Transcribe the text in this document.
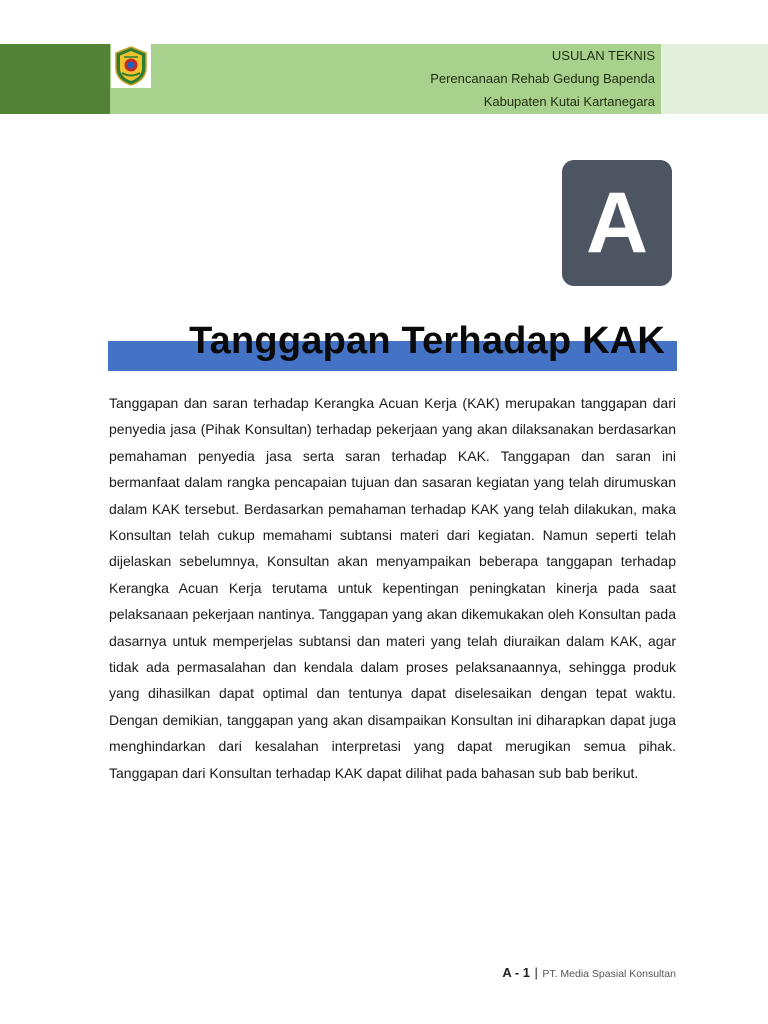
USULAN TEKNIS
Perencanaan Rehab Gedung Bapenda
Kabupaten Kutai Kartanegara
A
Tanggapan Terhadap KAK
Tanggapan dan saran terhadap Kerangka Acuan Kerja (KAK) merupakan tanggapan dari penyedia jasa (Pihak Konsultan) terhadap pekerjaan yang akan dilaksanakan berdasarkan pemahaman penyedia jasa serta saran terhadap KAK. Tanggapan dan saran ini bermanfaat dalam rangka pencapaian tujuan dan sasaran kegiatan yang telah dirumuskan dalam KAK tersebut. Berdasarkan pemahaman terhadap KAK yang telah dilakukan, maka Konsultan telah cukup memahami subtansi materi dari kegiatan. Namun seperti telah dijelaskan sebelumnya, Konsultan akan menyampaikan beberapa tanggapan terhadap Kerangka Acuan Kerja terutama untuk kepentingan peningkatan kinerja pada saat pelaksanaan pekerjaan nantinya. Tanggapan yang akan dikemukakan oleh Konsultan pada dasarnya untuk memperjelas subtansi dan materi yang telah diuraikan dalam KAK, agar tidak ada permasalahan dan kendala dalam proses pelaksanaannya, sehingga produk yang dihasilkan dapat optimal dan tentunya dapat diselesaikan dengan tepat waktu. Dengan demikian, tanggapan yang akan disampaikan Konsultan ini diharapkan dapat juga menghindarkan dari kesalahan interpretasi yang dapat merugikan semua pihak. Tanggapan dari Konsultan terhadap KAK dapat dilihat pada bahasan sub bab berikut.
A - 1 | PT. Media Spasial Konsultan
